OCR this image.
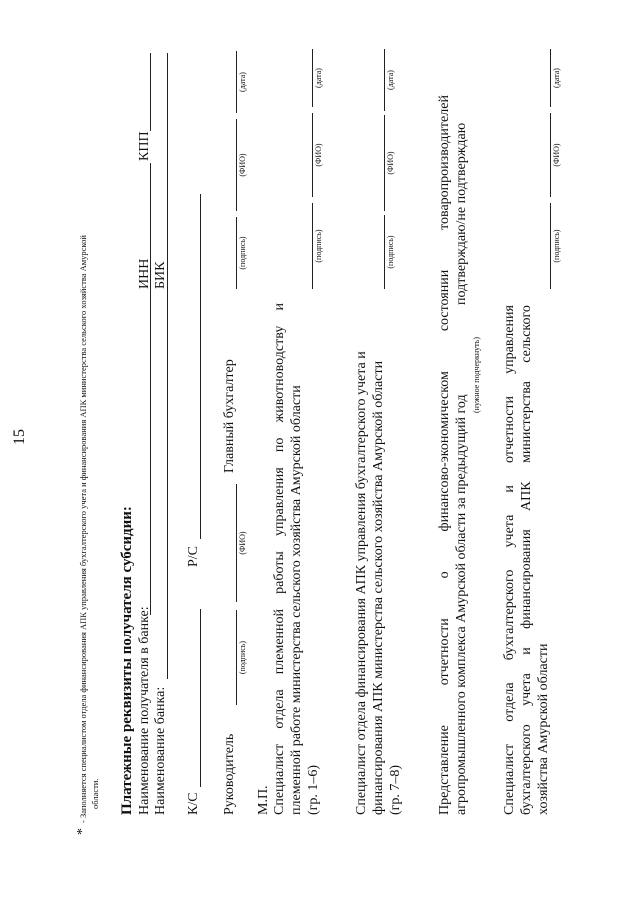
15
*
- Заполняется специалистом отдела финансирования АПК управления бухгалтерского учета и финансирования АПК министерства сельского хозяйства Амурской области. Платежные реквизиты получателя субсидии: Наименование получателя в банке: Наименование банка:
ИНН
КПП
БИК
К/С
Р/С
Руководитель
(подпись)
(ФИО)
Главный бухгалтер
(подпись)
(ФИО)
(дата)
М.П. Специалист
отдела
племенной
работы
управления
по
животноводству
и
племенной работе министерства сельского хозяйства Амурской области (гр. 1–6)
(подпись)
(ФИО)
(дата)
Специалист отдела финансирования АПК управления бухгалтерского учета и финансирования АПК министерства сельского хозяйства Амурской области (гр. 7–8)
(подпись)
(ФИО)
(дата)
Представление
отчетности
о
финансово-экономическом
состоянии
товаропроизводителей
агропромышленного комплекса Амурской области за предыдущий год
подтверждаю/не подтверждаю
(нужное подчеркнуть)
Специалист
отдела
бухгалтерского
учета
и
отчетности
управления
бухгалтерского
учета
и
финансирования
АПК
министерства
сельского
хозяйства Амурской области
(подпись)
(ФИО)
(дата)
